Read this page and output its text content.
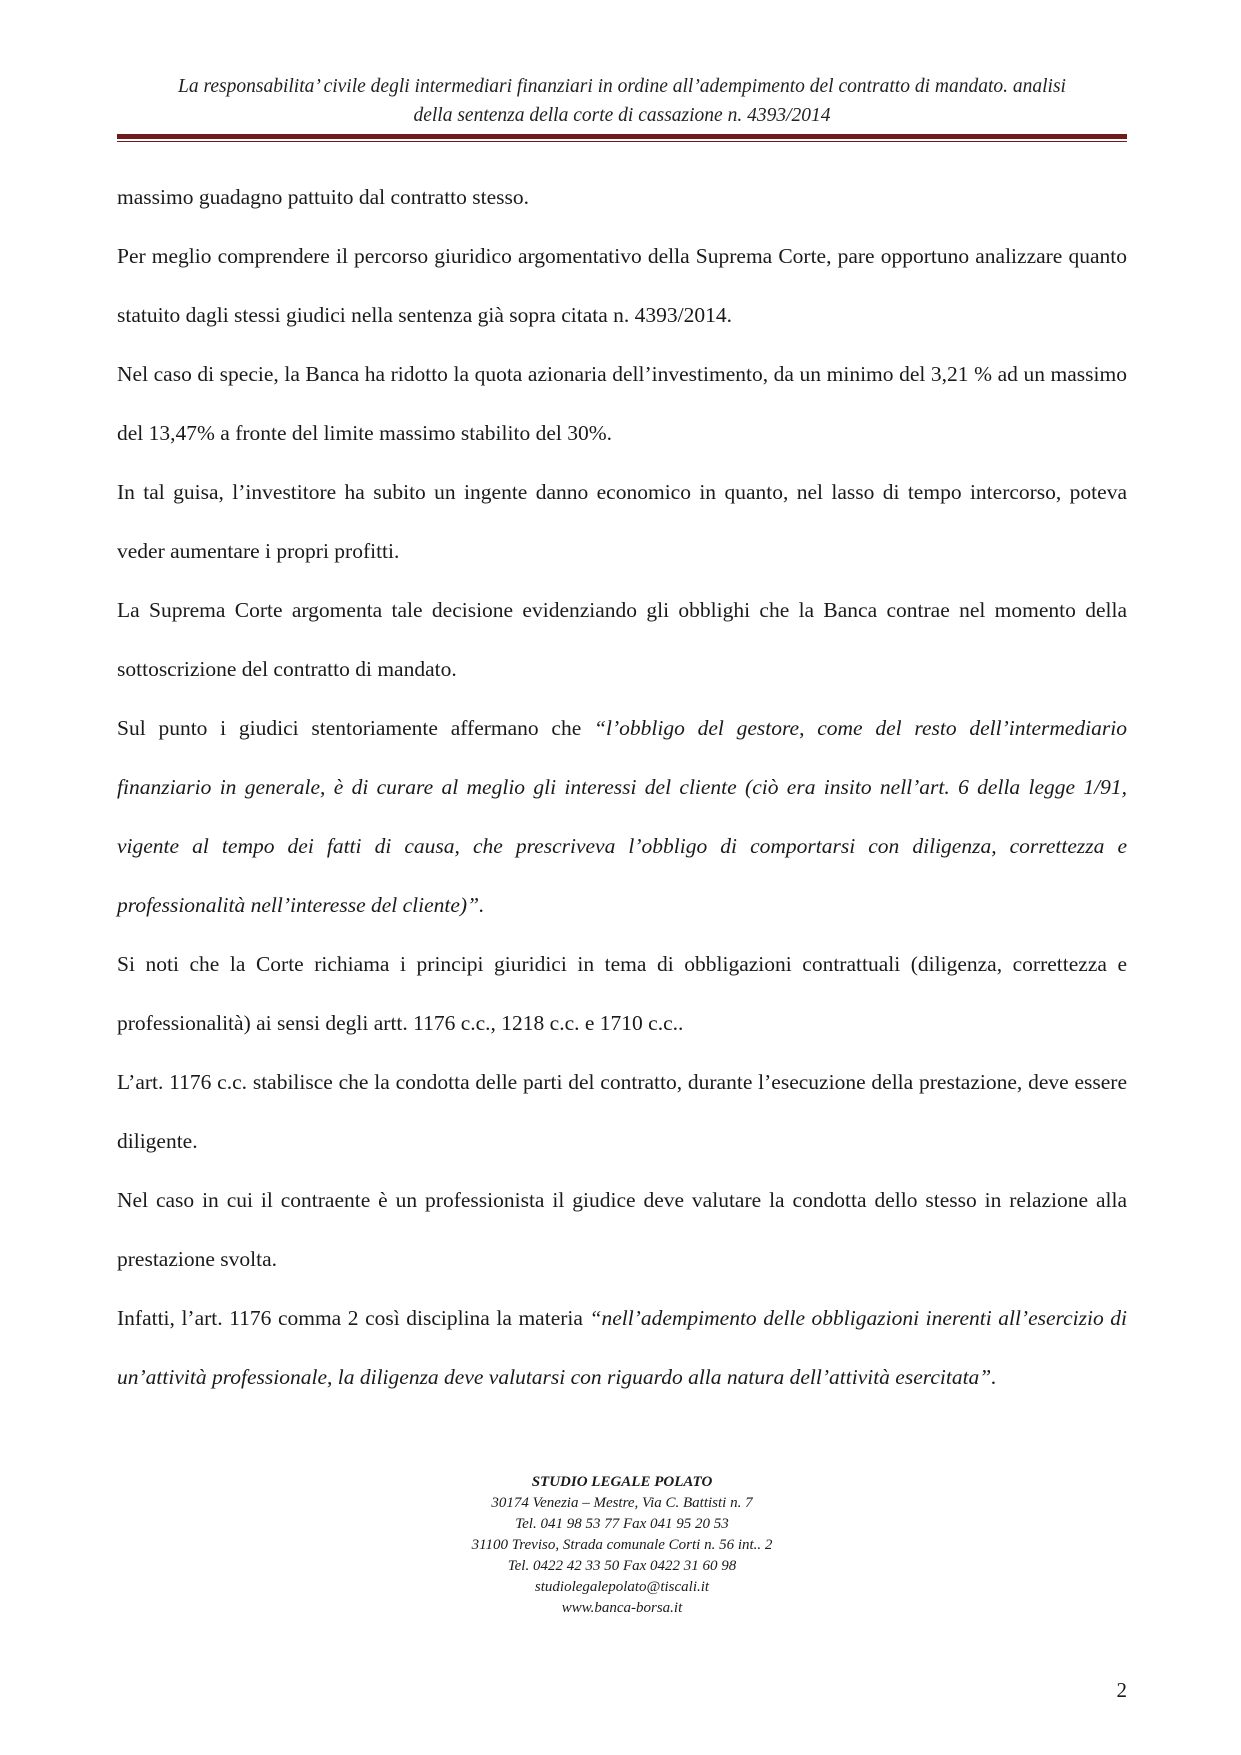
La responsabilita’ civile degli intermediari finanziari in ordine all’adempimento del contratto di mandato. analisi
della sentenza della corte di cassazione n. 4393/2014

massimo guadagno pattuito dal contratto stesso.

Per meglio comprendere il percorso giuridico argomentativo della Suprema Corte, pare opportuno analizzare quanto statuito dagli stessi giudici nella sentenza già sopra citata n. 4393/2014.

Nel caso di specie, la Banca ha ridotto la quota azionaria dell’investimento, da un minimo del 3,21 % ad un massimo del 13,47% a fronte del limite massimo stabilito del 30%.

In tal guisa, l’investitore ha subito un ingente danno economico in quanto, nel lasso di tempo intercorso, poteva veder aumentare i propri profitti.

La Suprema Corte argomenta tale decisione evidenziando gli obblighi che la Banca contrae nel momento della sottoscrizione del contratto di mandato.

Sul punto i giudici stentoriamente affermano che “l’obbligo del gestore, come del resto dell’intermediario finanziario in generale, è di curare al meglio gli interessi del cliente (ciò era insito nell’art. 6 della legge 1/91, vigente al tempo dei fatti di causa, che prescriveva l’obbligo di comportarsi con diligenza, correttezza e professionalità nell’interesse del cliente)”.

Si noti che la Corte richiama i principi giuridici in tema di obbligazioni contrattuali (diligenza, correttezza e professionalità) ai sensi degli artt. 1176 c.c., 1218 c.c. e 1710 c.c..

L’art. 1176 c.c. stabilisce che la condotta delle parti del contratto, durante l’esecuzione della prestazione, deve essere diligente.

Nel caso in cui il contraente è un professionista il giudice deve valutare la condotta dello stesso in relazione alla prestazione svolta.

Infatti, l’art. 1176 comma 2 così disciplina la materia “nell’adempimento delle obbligazioni inerenti all’esercizio di un’attività professionale, la diligenza deve valutarsi con riguardo alla natura dell’attività esercitata”.

STUDIO LEGALE POLATO
30174 Venezia – Mestre, Via C. Battisti n. 7
Tel. 041 98 53 77 Fax 041 95 20 53
31100 Treviso, Strada comunale Corti n. 56 int.. 2
Tel. 0422 42 33 50 Fax 0422 31 60 98
studiolegalepolato@tiscali.it
www.banca-borsa.it
2
